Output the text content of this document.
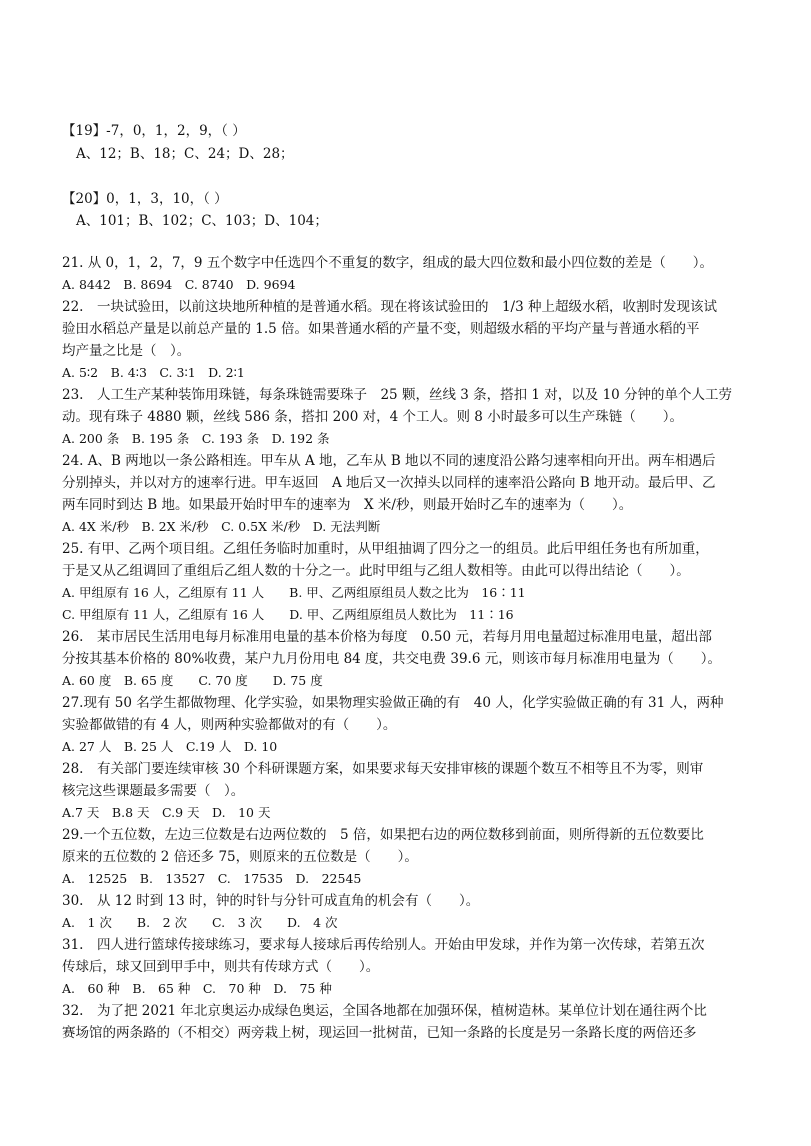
【19】-7，0，1，2，9，（ ）

A、12；B、18；C、24；D、28；

【20】0，1，3，10，（ ）

A、101；B、102；C、103；D、104；

21. 从 0，1，2，7，9 五个数字中任选四个不重复的数字，组成的最大四位数和最小四位数的差是（　　）。

A. 8442　B. 8694　C. 8740　D. 9694

22.　一块试验田，以前这块地所种植的是普通水稻。现在将该试验田的　1/3 种上超级水稻，收割时发现该试

验田水稻总产量是以前总产量的 1.5 倍。如果普通水稻的产量不变，则超级水稻的平均产量与普通水稻的平

均产量之比是（　）。

A. 5∶2　B. 4∶3　C. 3∶1　D. 2∶1

23.　人工生产某种装饰用珠链，每条珠链需要珠子　25 颗，丝线 3 条，搭扣 1 对，以及 10 分钟的单个人工劳

动。现有珠子 4880 颗，丝线 586 条，搭扣 200 对，4 个工人。则 8 小时最多可以生产珠链（　　）。

A. 200 条　B. 195 条　C. 193 条　D. 192 条

24. A、B 两地以一条公路相连。甲车从 A 地，乙车从 B 地以不同的速度沿公路匀速率相向开出。两车相遇后

分别掉头，并以对方的速率行进。甲车返回　A 地后又一次掉头以同样的速率沿公路向 B 地开动。最后甲、乙

两车同时到达 B 地。如果最开始时甲车的速率为　X 米/秒，则最开始时乙车的速率为（　　）。

A. 4X 米/秒　B. 2X 米/秒　C. 0.5X 米/秒　D. 无法判断

25. 有甲、乙两个项目组。乙组任务临时加重时，从甲组抽调了四分之一的组员。此后甲组任务也有所加重，

于是又从乙组调回了重组后乙组人数的十分之一。此时甲组与乙组人数相等。由此可以得出结论（　　）。

A. 甲组原有 16 人，乙组原有 11 人　　B. 甲、乙两组原组员人数之比为　16∶11

C. 甲组原有 11 人，乙组原有 16 人　　D. 甲、乙两组原组员人数比为　11∶16

26.　某市居民生活用电每月标准用电量的基本价格为每度　0.50 元，若每月用电量超过标准用电量，超出部

分按其基本价格的 80%收费，某户九月份用电 84 度，共交电费 39.6 元，则该市每月标准用电量为（　　）。

A. 60 度　B. 65 度　　C. 70 度　　D. 75 度

27.现有 50 名学生都做物理、化学实验，如果物理实验做正确的有　40 人，化学实验做正确的有 31 人，两种

实验都做错的有 4 人，则两种实验都做对的有（　　）。

A. 27 人　B. 25 人　C.19 人　D. 10

28.　有关部门要连续审核 30 个科研课题方案，如果要求每天安排审核的课题个数互不相等且不为零，则审

核完这些课题最多需要（　）。

A.7 天　B.8 天　C.9 天　D.　10 天

29.一个五位数，左边三位数是右边两位数的　5 倍，如果把右边的两位数移到前面，则所得新的五位数要比

原来的五位数的 2 倍还多 75，则原来的五位数是（　　）。

A.　12525　B.　13527　C.　17535　D.　22545

30.　从 12 时到 13 时，钟的时针与分针可成直角的机会有（　　）。

A.　1 次　　B.　2 次　　C.　3 次　　D.　4 次

31.　四人进行篮球传接球练习，要求每人接球后再传给别人。开始由甲发球，并作为第一次传球，若第五次

传球后，球又回到甲手中，则共有传球方式（　　）。

A.　60 种　B.　65 种　C.　70 种　D.　75 种

32.　为了把 2021 年北京奥运办成绿色奥运，全国各地都在加强环保，植树造林。某单位计划在通往两个比

赛场馆的两条路的（不相交）两旁栽上树，现运回一批树苗，已知一条路的长度是另一条路长度的两倍还多
